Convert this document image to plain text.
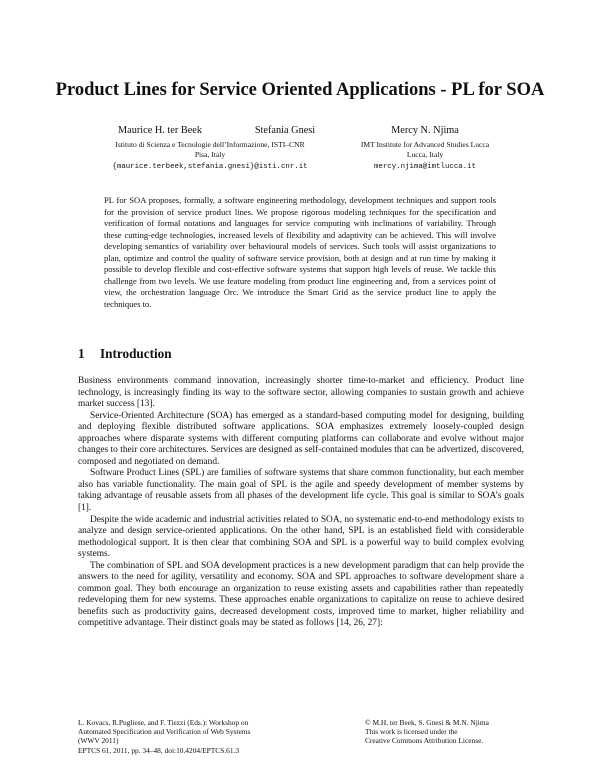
Product Lines for Service Oriented Applications - PL for SOA
Maurice H. ter Beek	Stefania Gnesi	Mercy N. Njima
Istituto di Scienza e Tecnologie dell’Informazione, ISTI–CNR
Pisa, Italy
{maurice.terbeek,stefania.gnesi}@isti.cnr.it
IMT Institute for Advanced Studies Lucca
Lucca, Italy
mercy.njima@imtlucca.it

PL for SOA proposes, formally, a software engineering methodology, development techniques and support tools for the provision of service product lines. We propose rigorous modeling techniques for the specification and verification of formal notations and languages for service computing with inclinations of variability. Through these cutting-edge technologies, increased levels of flexibility and adaptivity can be achieved. This will involve developing semantics of variability over behavioural models of services. Such tools will assist organizations to plan, optimize and control the quality of software service provision, both at design and at run time by making it possible to develop flexible and cost-effective software systems that support high levels of reuse. We tackle this challenge from two levels. We use feature modeling from product line engineering and, from a services point of view, the orchestration language Orc. We introduce the Smart Grid as the service product line to apply the techniques to.

1 Introduction

Business environments command innovation, increasingly shorter time-to-market and efficiency. Product line technology, is increasingly finding its way to the software sector, allowing companies to sustain growth and achieve market success [13].

Service-Oriented Architecture (SOA) has emerged as a standard-based computing model for designing, building and deploying flexible distributed software applications. SOA emphasizes extremely loosely-coupled design approaches where disparate systems with different computing platforms can collaborate and evolve without major changes to their core architectures. Services are designed as self-contained modules that can be advertized, discovered, composed and negotiated on demand.

Software Product Lines (SPL) are families of software systems that share common functionality, but each member also has variable functionality. The main goal of SPL is the agile and speedy development of member systems by taking advantage of reusable assets from all phases of the development life cycle. This goal is similar to SOA’s goals [1].

Despite the wide academic and industrial activities related to SOA, no systematic end-to-end methodology exists to analyze and design service-oriented applications. On the other hand, SPL is an established field with considerable methodological support. It is then clear that combining SOA and SPL is a powerful way to build complex evolving systems.

The combination of SPL and SOA development practices is a new development paradigm that can help provide the answers to the need for agility, versatility and economy. SOA and SPL approaches to software development share a common goal. They both encourage an organization to reuse existing assets and capabilities rather than repeatedly redeveloping them for new systems. These approaches enable organizations to capitalize on reuse to achieve desired benefits such as productivity gains, decreased development costs, improved time to market, higher reliability and competitive advantage. Their distinct goals may be stated as follows [14, 26, 27]:

L. Kovacs, R.Pugliese, and F. Tiezzi (Eds.): Workshop on
Automated Specification and Verification of Web Systems
(WWV 2011)
EPTCS 61, 2011, pp. 34–48, doi:10.4204/EPTCS.61.3
© M.H. ter Beek, S. Gnesi & M.N. Njima
This work is licensed under the
Creative Commons Attribution License.
